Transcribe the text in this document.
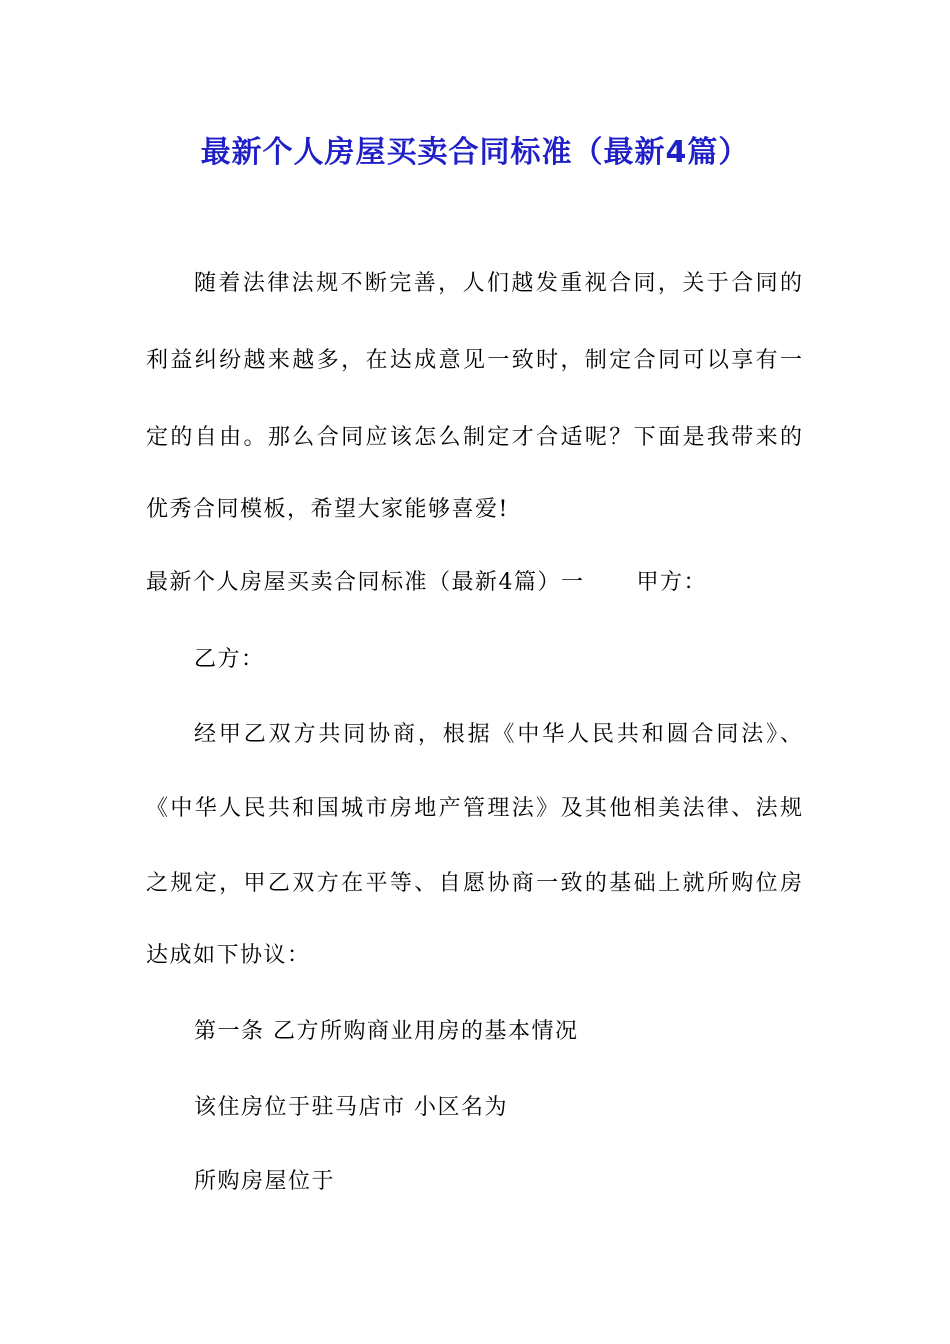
最新个人房屋买卖合同标准（最新4篇）
随着法律法规不断完善，人们越发重视合同，关于合同的
利益纠纷越来越多，在达成意见一致时，制定合同可以享有一
定的自由。那么合同应该怎么制定才合适呢？下面是我带来的
优秀合同模板，希望大家能够喜爱!
最新个人房屋买卖合同标准（最新4篇）一 甲方：
乙方：
经甲乙双方共同协商，根据《中华人民共和圆合同法》、
《中华人民共和国城市房地产管理法》及其他相美法律、法规
之规定，甲乙双方在平等、自愿协商一致的基础上就所购位房
达成如下协议：
第一条 乙方所购商业用房的基本情况
该住房位于驻马店市 小区名为
所购房屋位于
